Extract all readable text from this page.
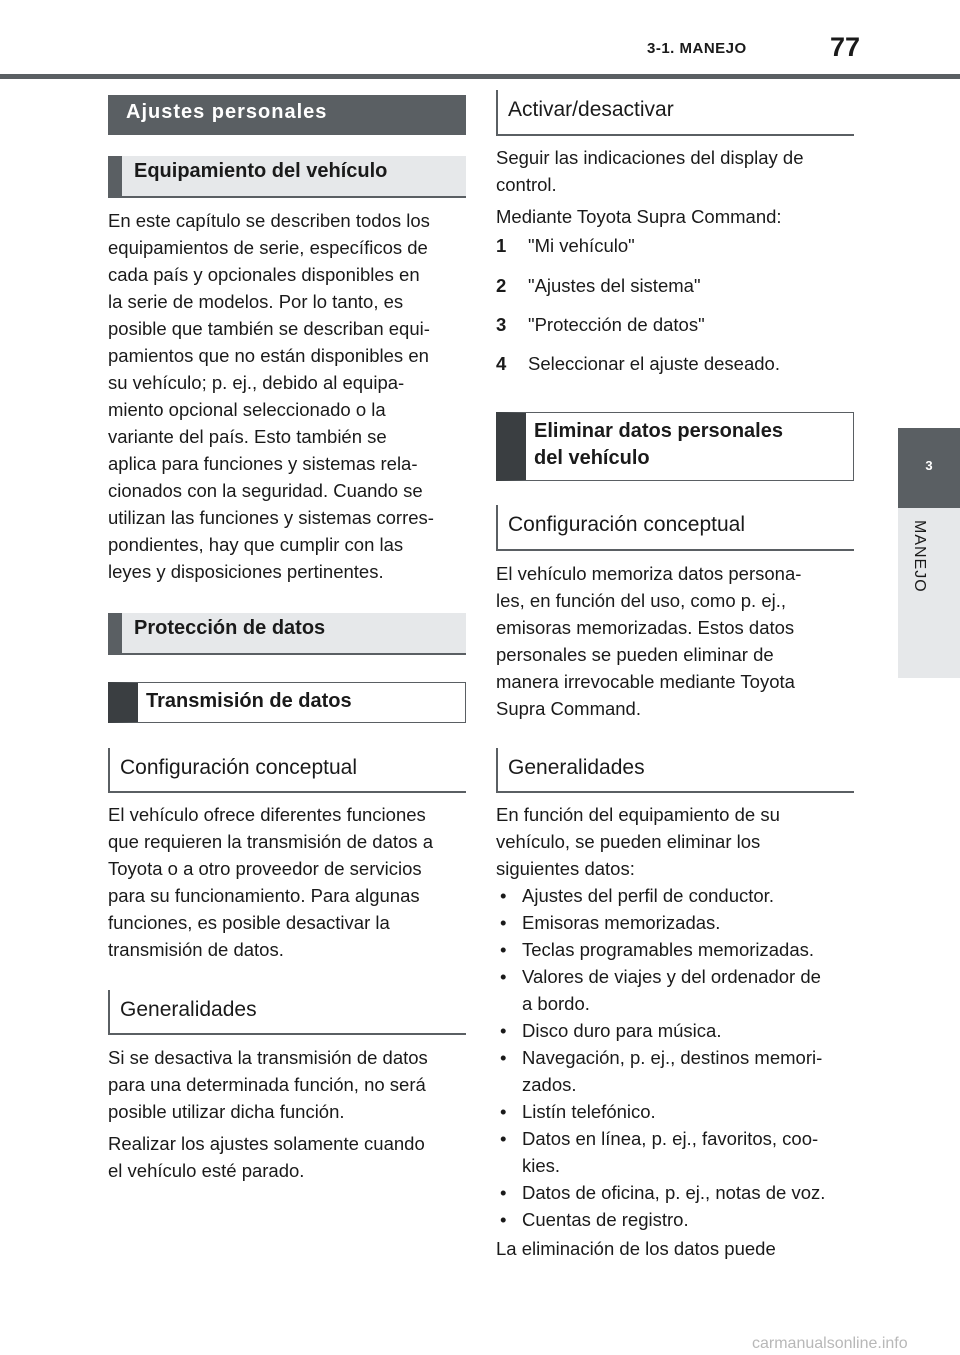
3-1. MANEJO	77
3
MANEJO
Ajustes personales
Equipamiento del vehículo
En este capítulo se describen todos los
equipamientos de serie, específicos de
cada país y opcionales disponibles en
la serie de modelos. Por lo tanto, es
posible que también se describan equi-
pamientos que no están disponibles en
su vehículo; p. ej., debido al equipa-
miento opcional seleccionado o la
variante del país. Esto también se
aplica para funciones y sistemas rela-
cionados con la seguridad. Cuando se
utilizan las funciones y sistemas corres-
pondientes, hay que cumplir con las
leyes y disposiciones pertinentes.
Protección de datos
Transmisión de datos
Configuración conceptual
El vehículo ofrece diferentes funciones
que requieren la transmisión de datos a
Toyota o a otro proveedor de servicios
para su funcionamiento. Para algunas
funciones, es posible desactivar la
transmisión de datos.
Generalidades
Si se desactiva la transmisión de datos
para una determinada función, no será
posible utilizar dicha función.
Realizar los ajustes solamente cuando
el vehículo esté parado.
Activar/desactivar
Seguir las indicaciones del display de
control.
Mediante Toyota Supra Command:
1 "Mi vehículo"
2 "Ajustes del sistema"
3 "Protección de datos"
4 Seleccionar el ajuste deseado.
Eliminar datos personales
del vehículo
Configuración conceptual
El vehículo memoriza datos persona-
les, en función del uso, como p. ej.,
emisoras memorizadas. Estos datos
personales se pueden eliminar de
manera irrevocable mediante Toyota
Supra Command.
Generalidades
En función del equipamiento de su
vehículo, se pueden eliminar los
siguientes datos:
• Ajustes del perfil de conductor.
• Emisoras memorizadas.
• Teclas programables memorizadas.
• Valores de viajes y del ordenador de
a bordo.
• Disco duro para música.
• Navegación, p. ej., destinos memori-
zados.
• Listín telefónico.
• Datos en línea, p. ej., favoritos, coo-
kies.
• Datos de oficina, p. ej., notas de voz.
• Cuentas de registro.
La eliminación de los datos puede
carmanualsonline.info
